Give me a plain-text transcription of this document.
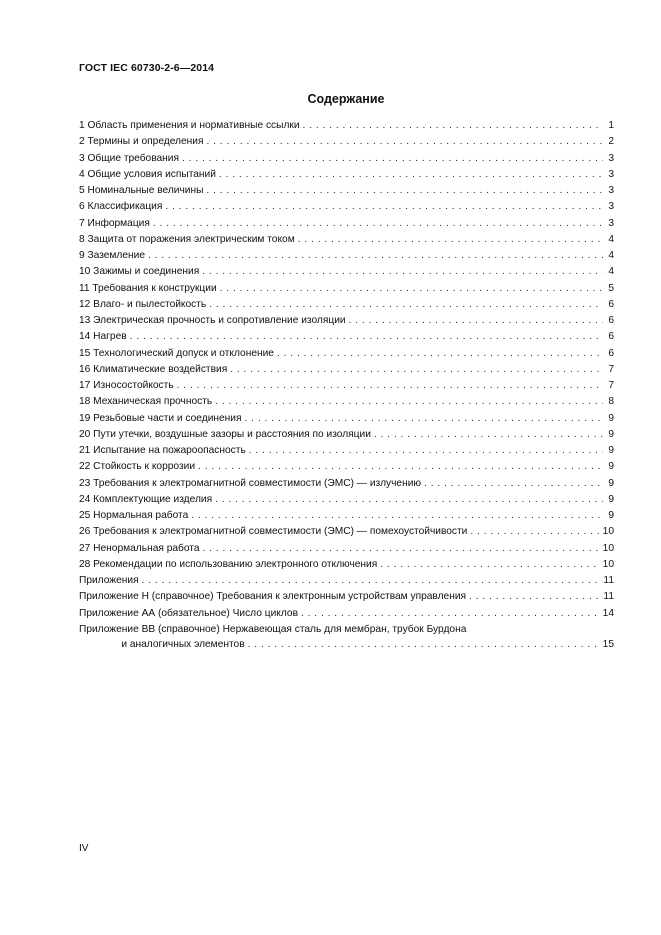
ГОСТ IEC 60730-2-6—2014
Содержание
1 Область применения и нормативные ссылки . . .	1
2 Термины и определения . . .	2
3 Общие требования . . .	3
4 Общие условия испытаний . . .	3
5 Номинальные величины . . .	3
6 Классификация . . .	3
7 Информация . . .	3
8 Защита от поражения электрическим током . . .	4
9 Заземление . . .	4
10 Зажимы и соединения . . .	4
11 Требования к конструкции . . .	5
12 Влаго- и пылестойкость . . .	6
13 Электрическая прочность и сопротивление изоляции . . .	6
14 Нагрев . . .	6
15 Технологический допуск и отклонение . . .	6
16 Климатические воздействия . . .	7
17 Износостойкость . . .	7
18 Механическая прочность . . .	8
19 Резьбовые части и соединения . . .	9
20 Пути утечки, воздушные зазоры и расстояния по изоляции . . .	9
21 Испытание на пожароопасность . . .	9
22 Стойкость к коррозии . . .	9
23 Требования к электромагнитной совместимости (ЭМС) — излучению . . .	9
24 Комплектующие изделия . . .	9
25 Нормальная работа . . .	9
26 Требования к электромагнитной совместимости (ЭМС) — помехоустойчивости . . .	10
27 Ненормальная работа . . .	10
28 Рекомендации по использованию электронного отключения . . .	10
Приложения . . .	11
Приложение Н (справочное) Требования к электронным устройствам управления . . .	11
Приложение АА (обязательное) Число циклов . . .	14
Приложение ВВ (справочное) Нержавеющая сталь для мембран, трубок Бурдона
и аналогичных элементов . . .	15
IV
